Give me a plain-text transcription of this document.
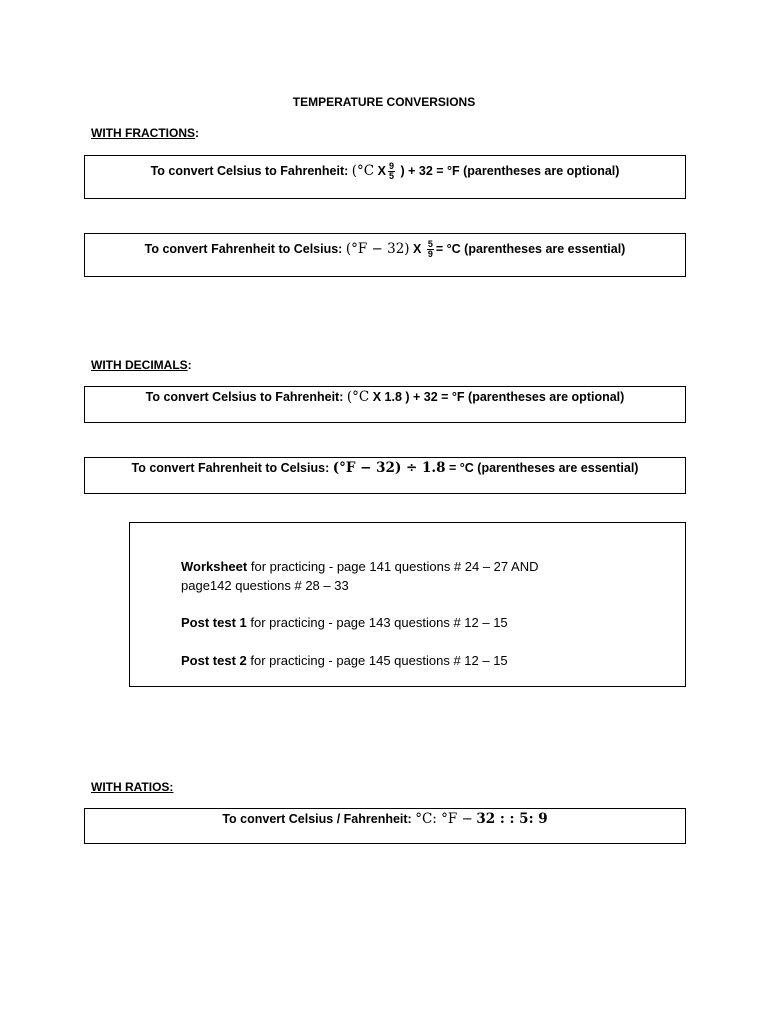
TEMPERATURE CONVERSIONS
WITH FRACTIONS:
To convert Celsius to Fahrenheit: (°C X $\frac{9}{5}$ ) + 32 = °F (parentheses are optional)
To convert Fahrenheit to Celsius: (°F − 32) X $\frac{5}{9} = ^\circ C$ (parentheses are essential)
WITH DECIMALS:
To convert Celsius to Fahrenheit: (°C X 1.8 ) + 32 = °F (parentheses are optional)
To convert Fahrenheit to Celsius: (°F − 32) ÷ 1.8 = °C (parentheses are essential)
Worksheet for practicing - page 141 questions # 24 – 27 AND
page142 questions # 28 – 33
Post test 1 for practicing - page 143 questions # 12 – 15
Post test 2 for practicing - page 145 questions # 12 – 15
WITH RATIOS:
To convert Celsius / Fahrenheit: °C: °F − 32 : : 5: 9
